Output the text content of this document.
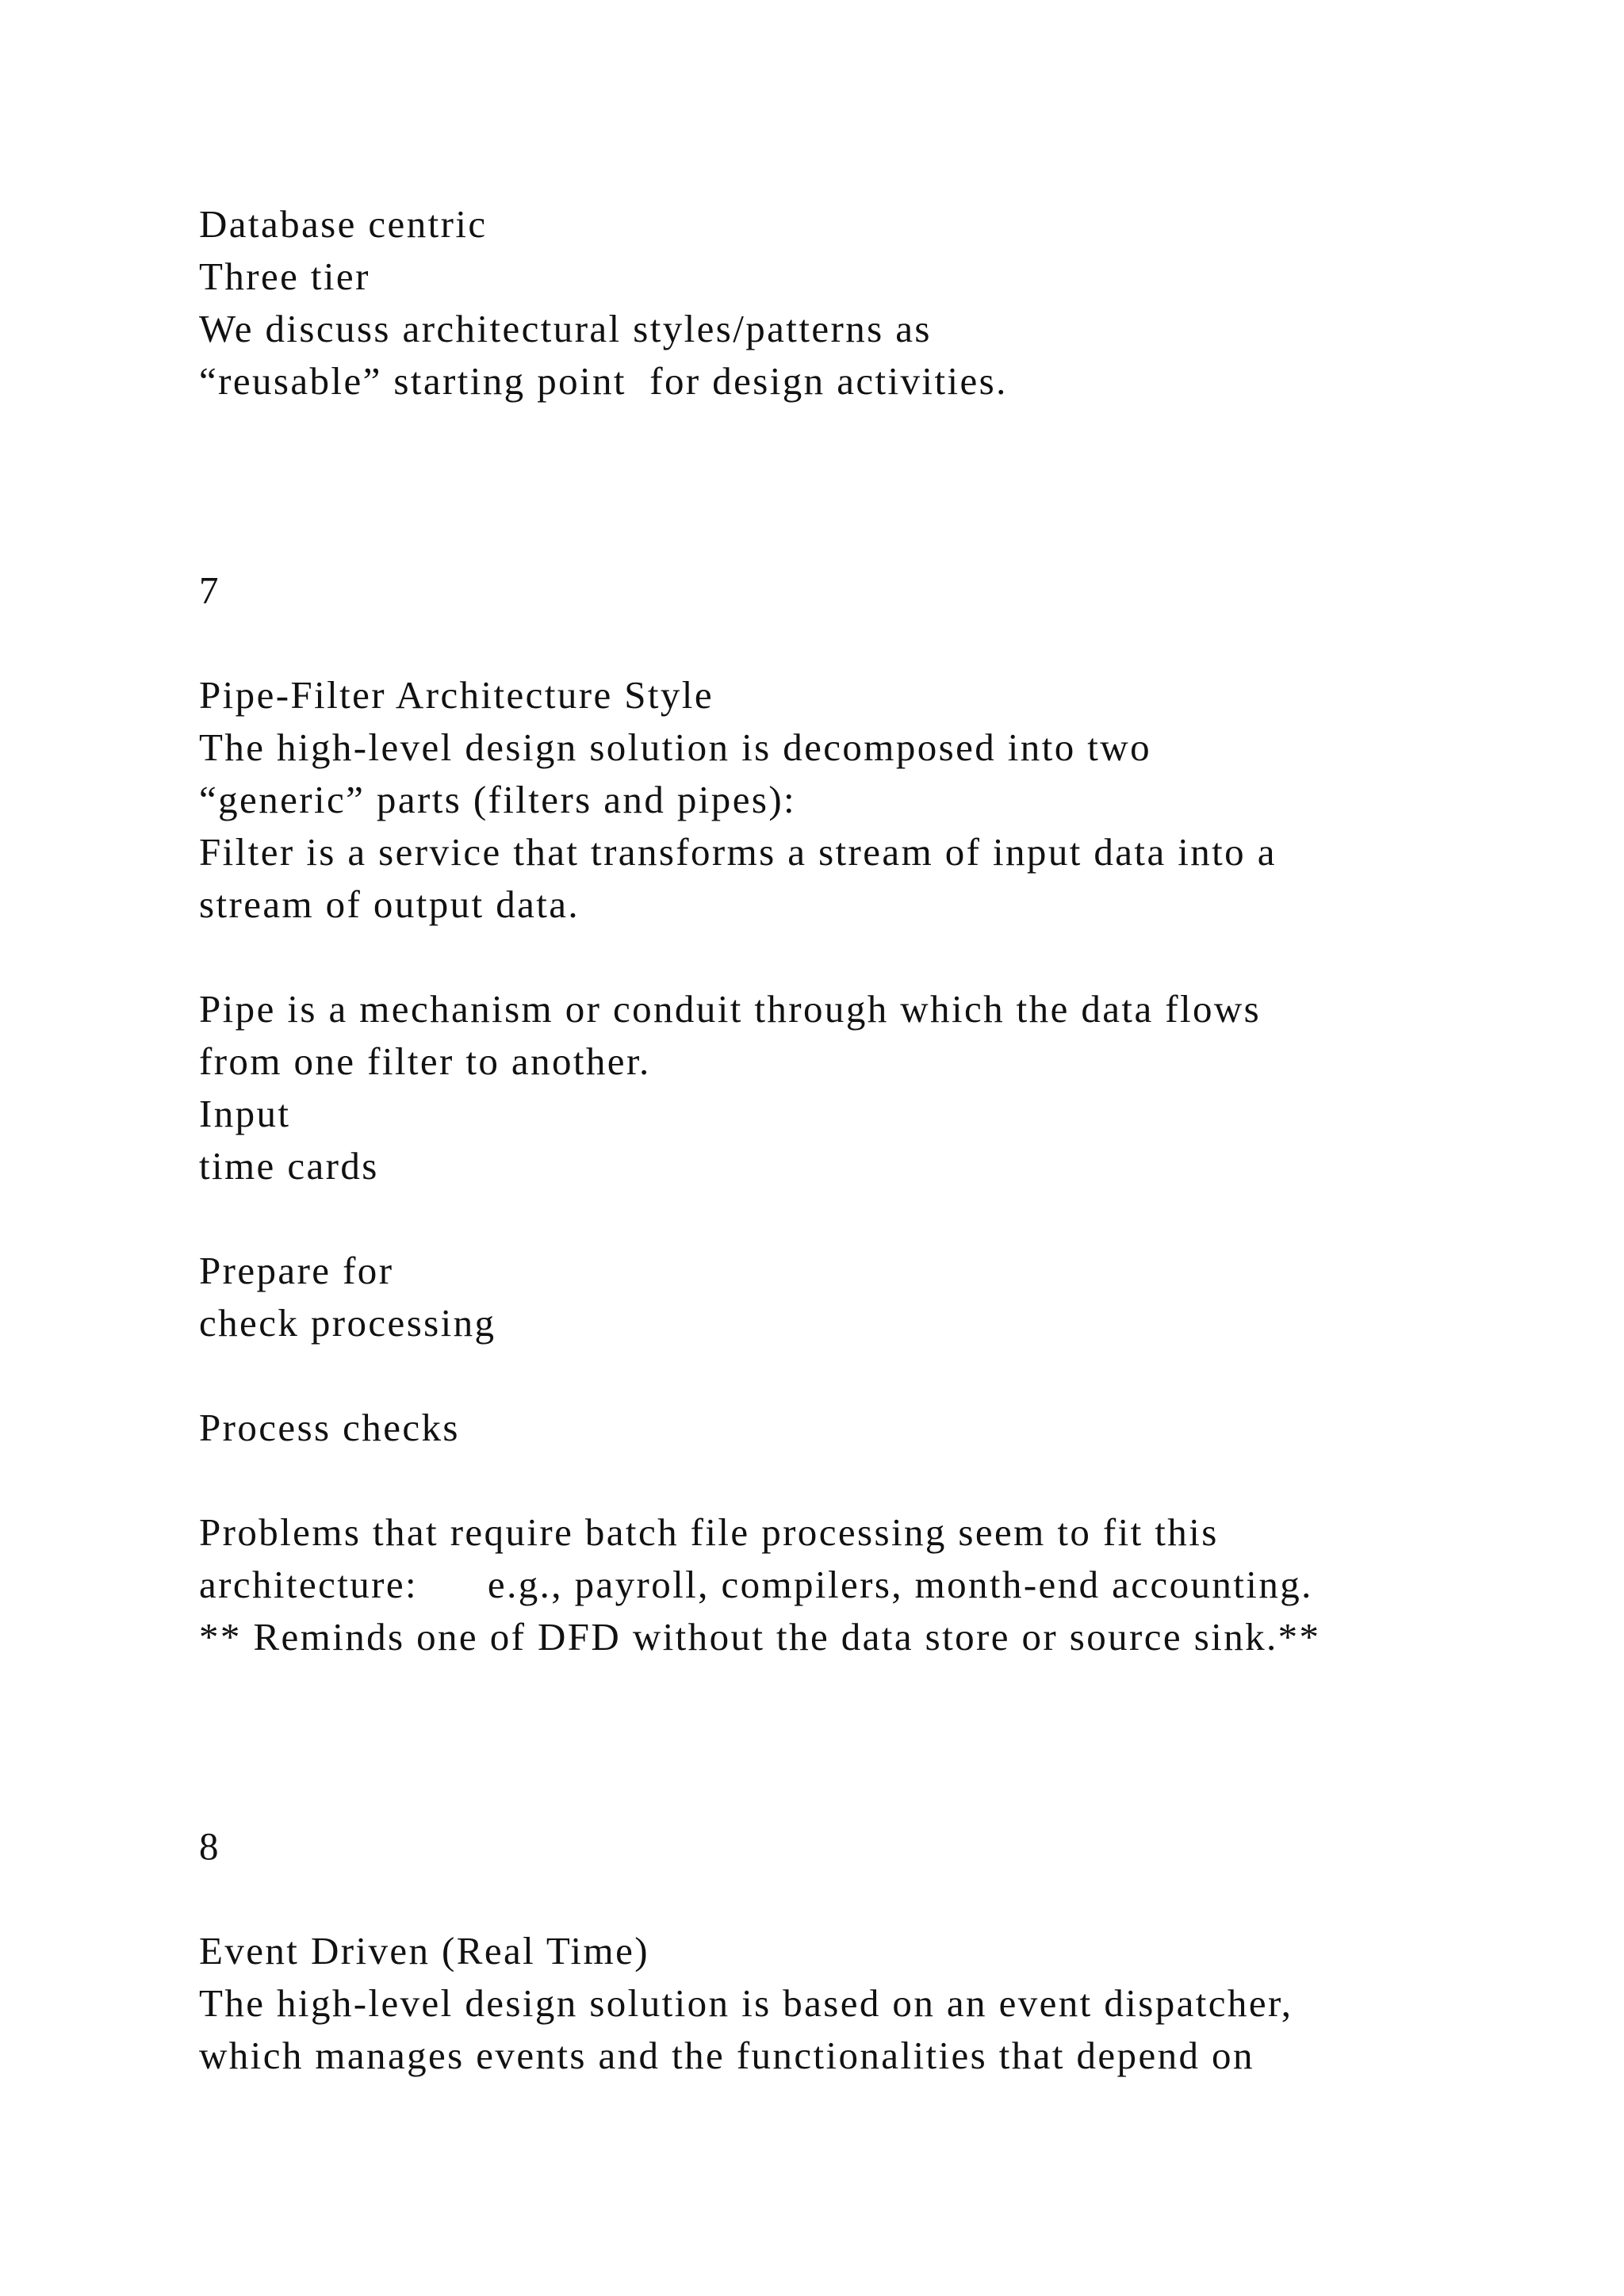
Database centric

Three tier

We discuss architectural styles/patterns as

“reusable” starting point  for design activities.

7

Pipe-Filter Architecture Style

The high-level design solution is decomposed into two

“generic” parts (filters and pipes):

Filter is a service that transforms a stream of input data into a

stream of output data.

Pipe is a mechanism or conduit through which the data flows

from one filter to another.

Input

time cards

Prepare for

check processing

Process checks

Problems that require batch file processing seem to fit this

architecture:      e.g., payroll, compilers, month-end accounting.

** Reminds one of DFD without the data store or source sink.**

8

Event Driven (Real Time)

The high-level design solution is based on an event dispatcher,

which manages events and the functionalities that depend on
